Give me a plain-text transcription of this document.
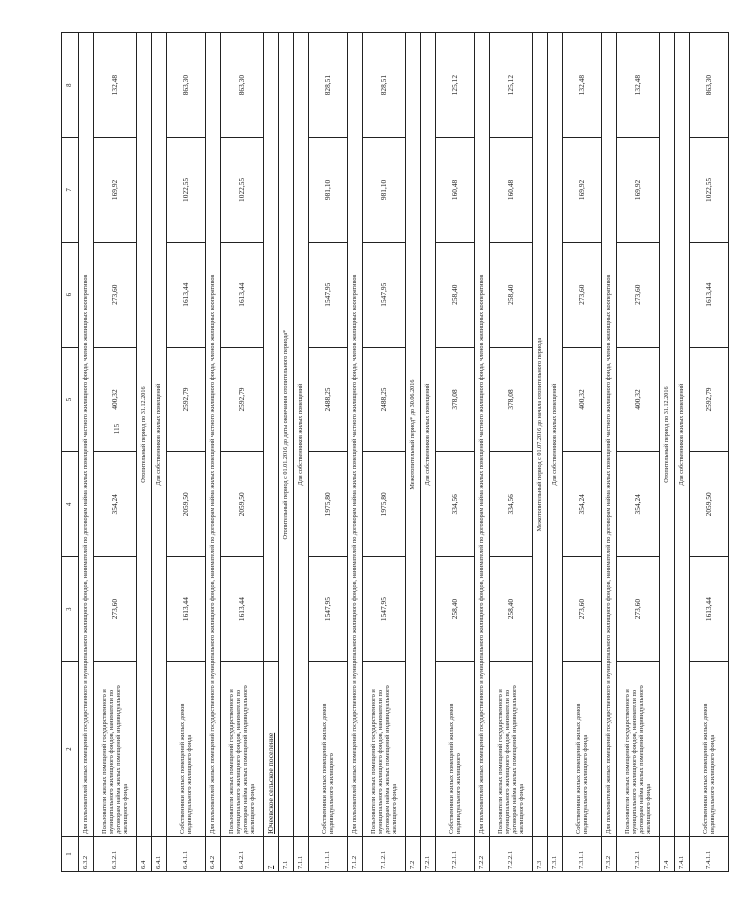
115
1	2	3	4	5	6	7	8
6.3.2	Для пользователей жилых помещений государственного и муниципального жилищного фондов, нанимателей по договорам найма жилых помещений частного жилищного фонда, членов жилищных кооперативов						
6.3.2.1	Пользователи жилых помещений государственного и муниципального жилищного фондов, наниматели по договорам найма жилых помещений индивидуального жилищного фонда	273,60	354,24	400,32	273,60	169,92	132,48
6.4	Отопительный период по 31.12.2016						
6.4.1	Для собственников жилых помещений						
6.4.1.1	Собственники жилых помещений жилых домов индивидуального жилищного фонда	1613,44	2059,50	2592,79	1613,44	1022,55	863,30
6.4.2	Для пользователей жилых помещений государственного и муниципального жилищного фондов, нанимателей по договорам найма жилых помещений частного жилищного фонда, членов жилищных кооперативов						
6.4.2.1	Пользователи жилых помещений государственного и муниципального жилищного фондов, наниматели по договорам найма жилых помещений индивидуального жилищного фонда	1613,44	2059,50	2592,79	1613,44	1022,55	863,30
7	Ючеевское сельское поселение						
7.1	Отопительный период с 01.01.2016 до даты окончания отопительного периода*						
7.1.1	Для собственников жилых помещений						
7.1.1.1	Собственники жилых помещений жилых домов индивидуального жилищного	1547,95	1975,80	2488,25	1547,95	981,10	828,51
7.1.2	Для пользователей жилых помещений государственного и муниципального жилищного фондов, нанимателей по договорам найма жилых помещений частного жилищного фонда, членов жилищных кооперативов						
7.1.2.1	Пользователи жилых помещений государственного и муниципального жилищного фондов, наниматели по договорам найма жилых помещений индивидуального жилищного фонда	1547,95	1975,80	2488,25	1547,95	981,10	828,51
7.2	Межотопительный период* до 30.06.2016						
7.2.1	Для собственников жилых помещений						
7.2.1.1	Собственники жилых помещений жилых домов индивидуального жилищного	258,40	334,56	378,08	258,40	160,48	125,12
7.2.2	Для пользователей жилых помещений государственного и муниципального жилищного фондов, нанимателей по договорам найма жилых помещений частного жилищного фонда, членов жилищных кооперативов						
7.2.2.1	Пользователи жилых помещений государственного и муниципального жилищного фондов, наниматели по договорам найма жилых помещений индивидуального жилищного фонда	258,40	334,56	378,08	258,40	160,48	125,12
7.3	Межотопительный период с 01.07.2016 до начала отопительного периода						
7.3.1	Для собственников жилых помещений						
7.3.1.1	Собственники жилых помещений жилых домов индивидуального жилищного фонда	273,60	354,24	400,32	273,60	169,92	132,48
7.3.2	Для пользователей жилых помещений государственного и муниципального жилищного фондов, нанимателей по договорам найма жилых помещений частного жилищного фонда, членов жилищных кооперативов						
7.3.2.1	Пользователи жилых помещений государственного и муниципального жилищного фондов, наниматели по договорам найма жилых помещений индивидуального жилищного фонда	273,60	354,24	400,32	273,60	169,92	132,48
7.4	Отопительный период по 31.12.2016						
7.4.1	Для собственников жилых помещений						
7.4.1.1	Собственники жилых помещений жилых домов индивидуального жилищного фонда	1613,44	2059,50	2592,79	1613,44	1022,55	863,30
